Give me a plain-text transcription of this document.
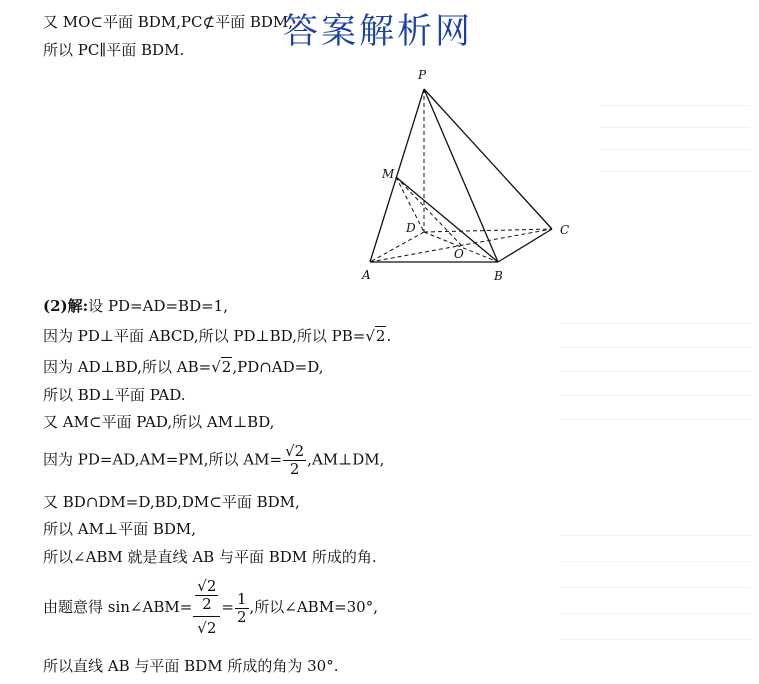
又 MO⊂平面 BDM,PC⊄平面 BDM,
答案解析网
所以 PC∥平面 BDM.
P
M
D	C
O
A	B
(2)解:设 PD=AD=BD=1,
因为 PD⊥平面 ABCD,所以 PD⊥BD,所以 PB=√2.
因为 AD⊥BD,所以 AB=√2,PD∩AD=D,
所以 BD⊥平面 PAD.
又 AM⊂平面 PAD,所以 AM⊥BD,
因为 PD=AD,AM=PM,所以 $AM= \frac{√2}{2}$ ,AM⊥DM,
又 BD∩DM=D,BD,DM⊂平面 BDM,
所以 AM⊥平面 BDM,
所以∠ABM 就是直线 AB 与平面 BDM 所成的角.
由题意得 sin∠ABM= $\frac{\frac{√2}{2}}{√2} = \frac{1}{2}$ ,所以∠ABM=30°,
所以直线 AB 与平面 BDM 所成的角为 30°.
